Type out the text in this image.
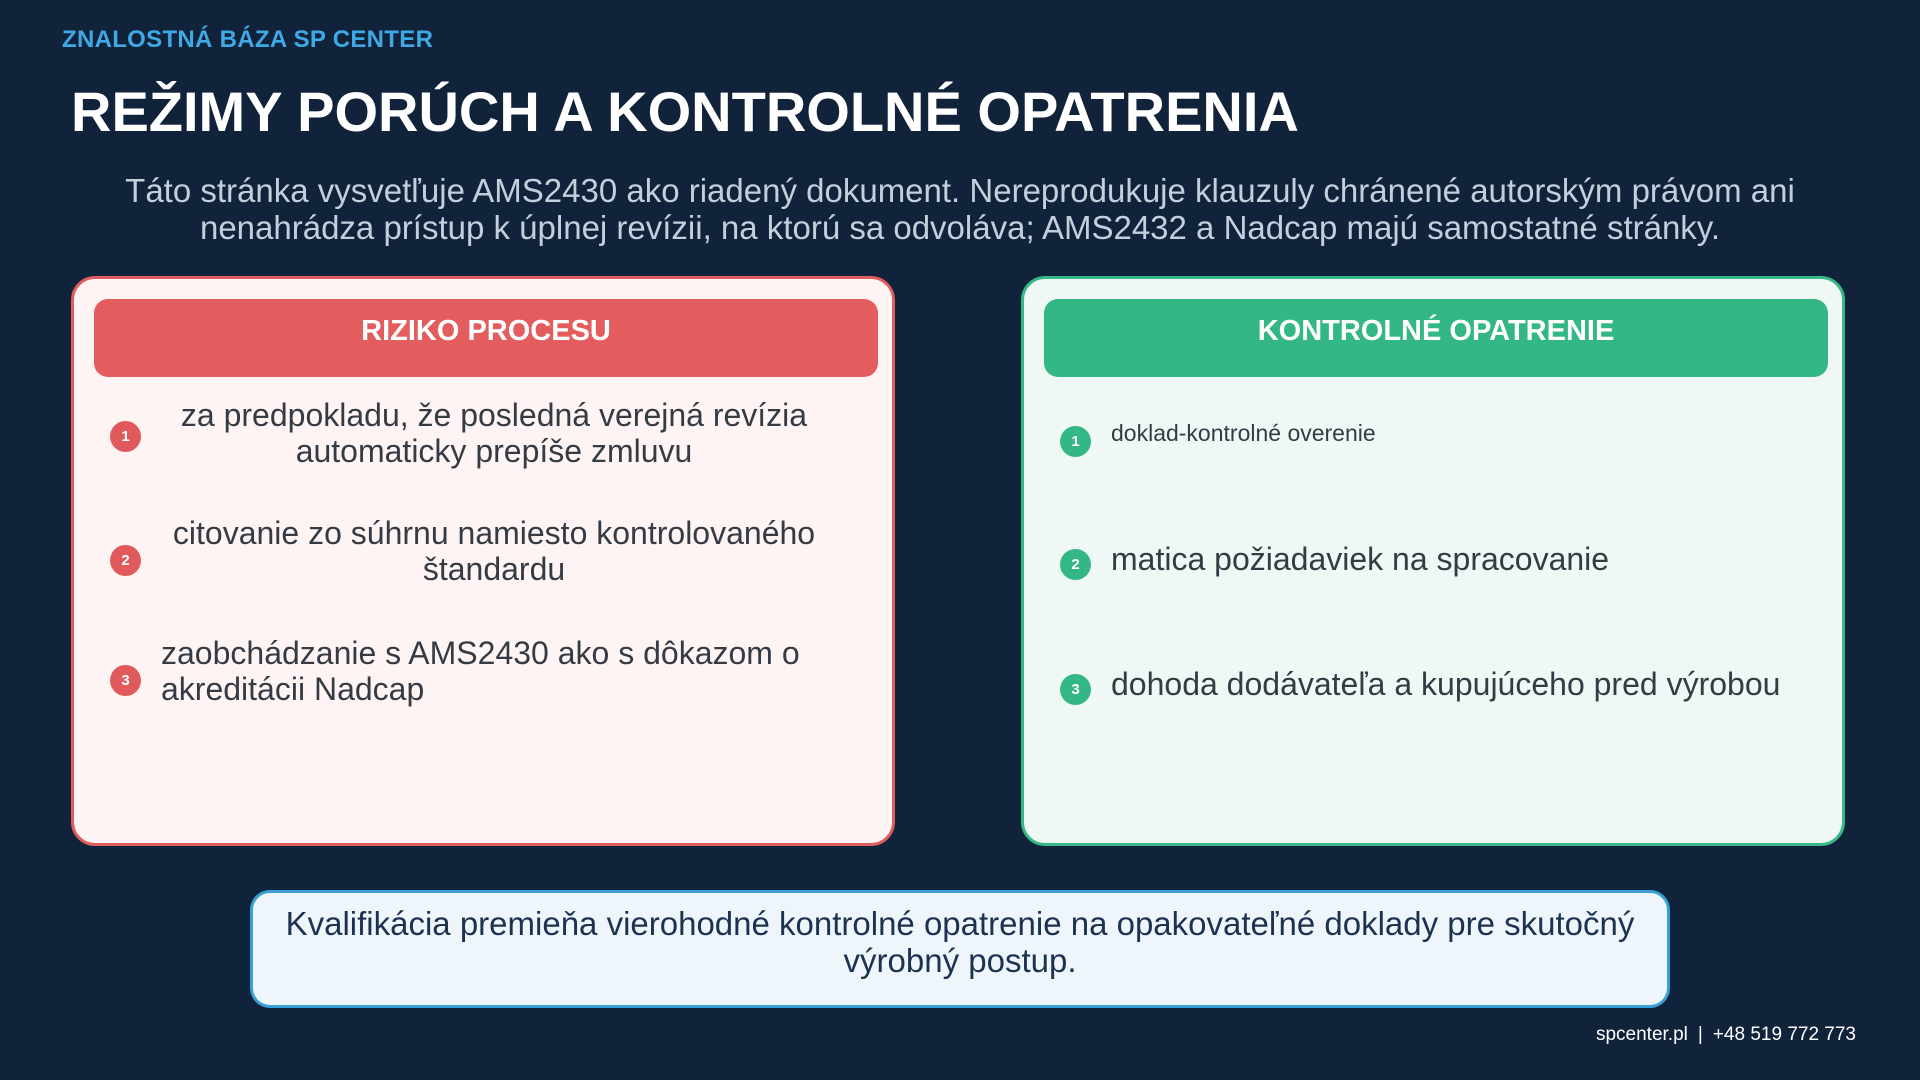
ZNALOSTNÁ BÁZA SP CENTER
REŽIMY PORÚCH A KONTROLNÉ OPATRENIA
Táto stránka vysvetľuje AMS2430 ako riadený dokument. Nereprodukuje klauzuly chránené autorským právom ani nenahrádza prístup k úplnej revízii, na ktorú sa odvoláva; AMS2432 a Nadcap majú samostatné stránky.
RIZIKO PROCESU
1
za predpokladu, že posledná verejná revízia automaticky prepíše zmluvu
2
citovanie zo súhrnu namiesto kontrolovaného štandardu
3
zaobchádzanie s AMS2430 ako s dôkazom o akreditácii Nadcap
KONTROLNÉ OPATRENIE
1	doklad-kontrolné overenie
2 matica požiadaviek na spracovanie
3 dohoda dodávateľa a kupujúceho pred výrobou
Kvalifikácia premieňa vierohodné kontrolné opatrenie na opakovateľné doklady pre skutočný výrobný postup.
spcenter.pl | +48 519 772 773
